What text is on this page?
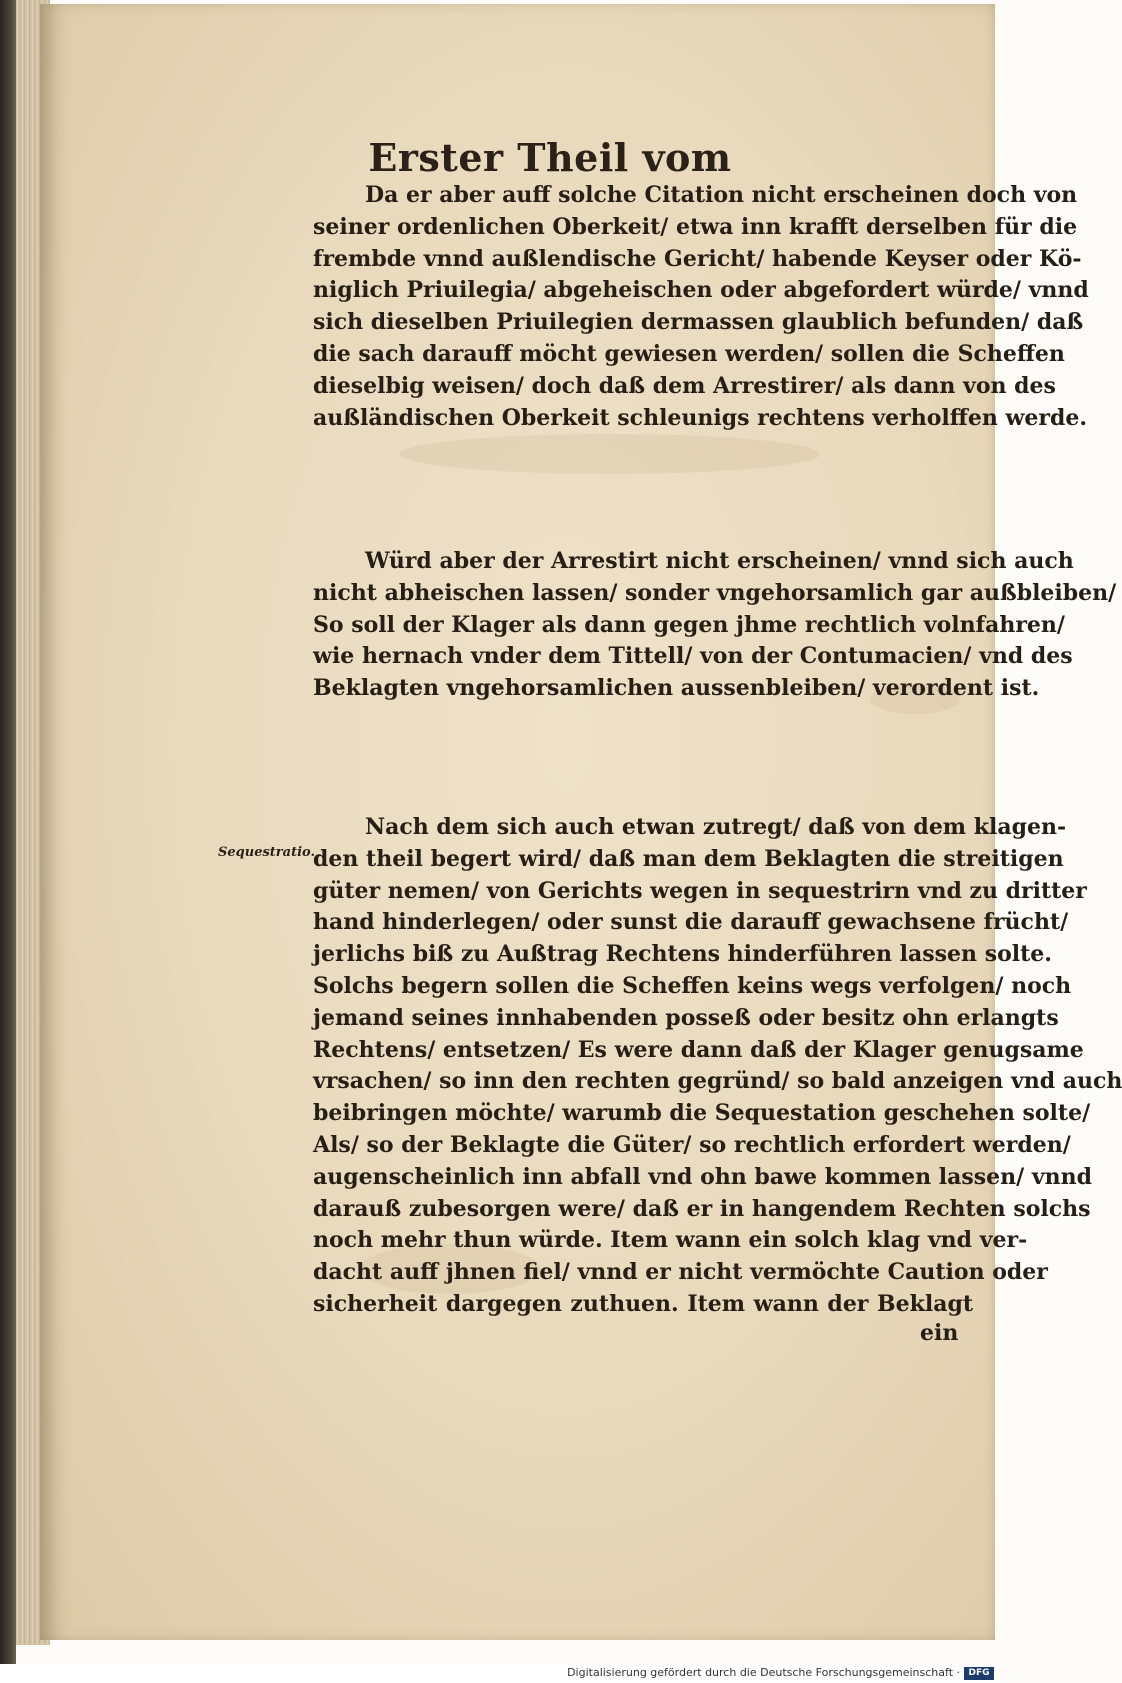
Erster Theil vom
Da er aber auff solche Citation nicht erscheinen doch von
seiner ordenlichen Oberkeit/ etwa inn krafft derselben für die
frembde vnnd außlendische Gericht/ habende Keyser oder Kö-
niglich Priuilegia/ abgeheischen oder abgefordert würde/ vnnd
sich dieselben Priuilegien dermassen glaublich befunden/ daß
die sach darauff möcht gewiesen werden/ sollen die Scheffen
dieselbig weisen/ doch daß dem Arrestirer/ als dann von des
außländischen Oberkeit schleunigs rechtens verholffen werde.
Würd aber der Arrestirt nicht erscheinen/ vnnd sich auch
nicht abheischen lassen/ sonder vngehorsamlich gar außbleiben/
So soll der Klager als dann gegen jhme rechtlich volnfahren/
wie hernach vnder dem Tittell/ von der Contumacien/ vnd des
Beklagten vngehorsamlichen aussenbleiben/ verordent ist.

Sequestratio.

Nach dem sich auch etwan zutregt/ daß von dem klagen-
den theil begert wird/ daß man dem Beklagten die streitigen
güter nemen/ von Gerichts wegen in sequestrirn vnd zu dritter
hand hinderlegen/ oder sunst die darauff gewachsene frücht/
jerlichs biß zu Außtrag Rechtens hinderführen lassen solte.
Solchs begern sollen die Scheffen keins wegs verfolgen/ noch
jemand seines innhabenden posseß oder besitz ohn erlangts
Rechtens/ entsetzen/ Es were dann daß der Klager genugsame
vrsachen/ so inn den rechten gegründ/ so bald anzeigen vnd auch
beibringen möchte/ warumb die Sequestation geschehen solte/
Als/ so der Beklagte die Güter/ so rechtlich erfordert werden/
augenscheinlich inn abfall vnd ohn bawe kommen lassen/ vnnd
darauß zubesorgen were/ daß er in hangendem Rechten solchs
noch mehr thun würde. Item wann ein solch klag vnd ver-
dacht auff jhnen fiel/ vnnd er nicht vermöchte Caution oder
sicherheit dargegen zuthuen. Item wann der Beklagt

ein

Digitalisierung gefördert durch die Deutsche Forschungsgemeinschaft · DFG
